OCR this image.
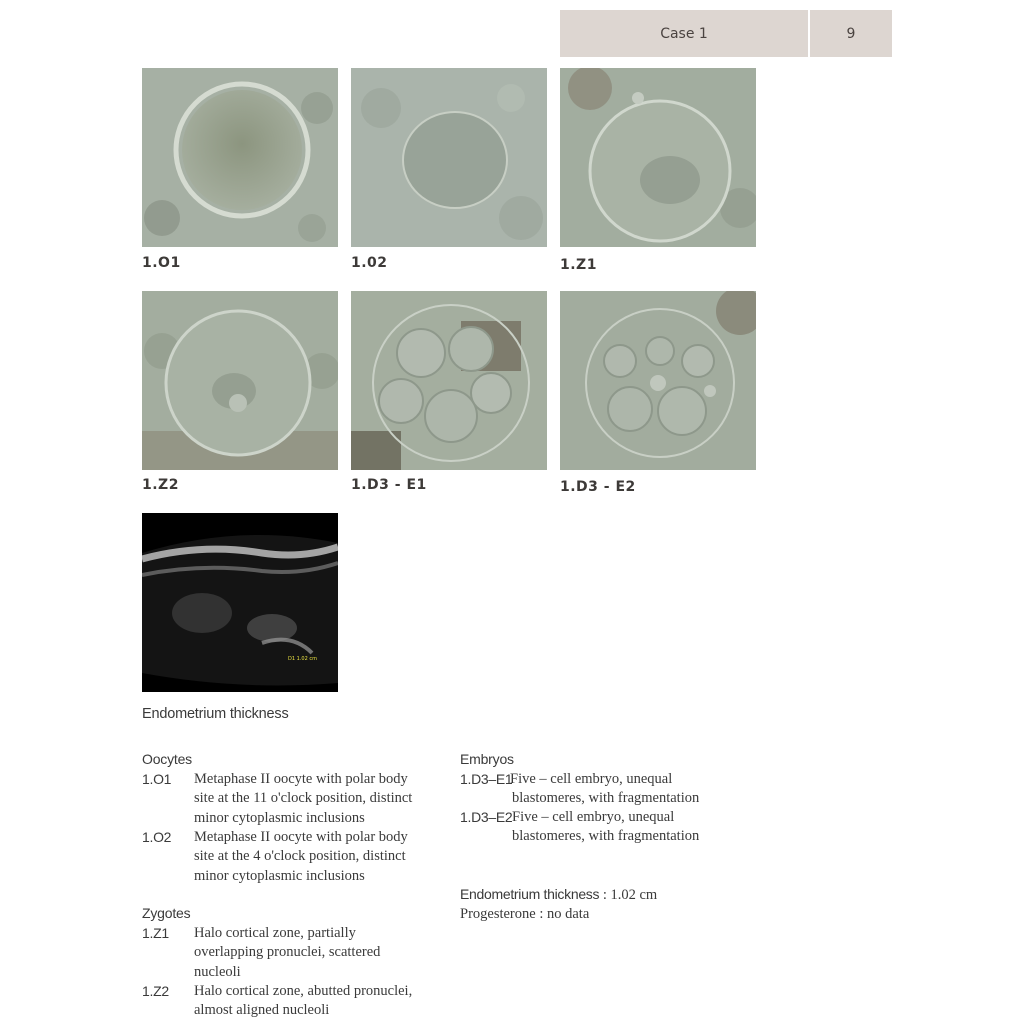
Case 1	9
1.O1	1.02	1.Z1
1.Z2	1.D3 - E1	1.D3 - E2
D1 1.02 cm
Endometrium thickness
Oocytes
1.O1 Metaphase II oocyte with polar body
site at the 11 o'clock position, distinct
minor cytoplasmic inclusions
1.O2 Metaphase II oocyte with polar body
site at the 4 o'clock position, distinct
minor cytoplasmic inclusions
Zygotes
1.Z1 Halo cortical zone, partially
overlapping pronuclei, scattered
nucleoli
1.Z2 Halo cortical zone, abutted pronuclei,
almost aligned nucleoli
Embryos
1.D3–E1
Five – cell embryo, unequal
blastomeres, with fragmentation
1.D3–E2 Five – cell embryo, unequal
blastomeres, with fragmentation
Endometrium thickness : 1.02 cm
Progesterone : no data
